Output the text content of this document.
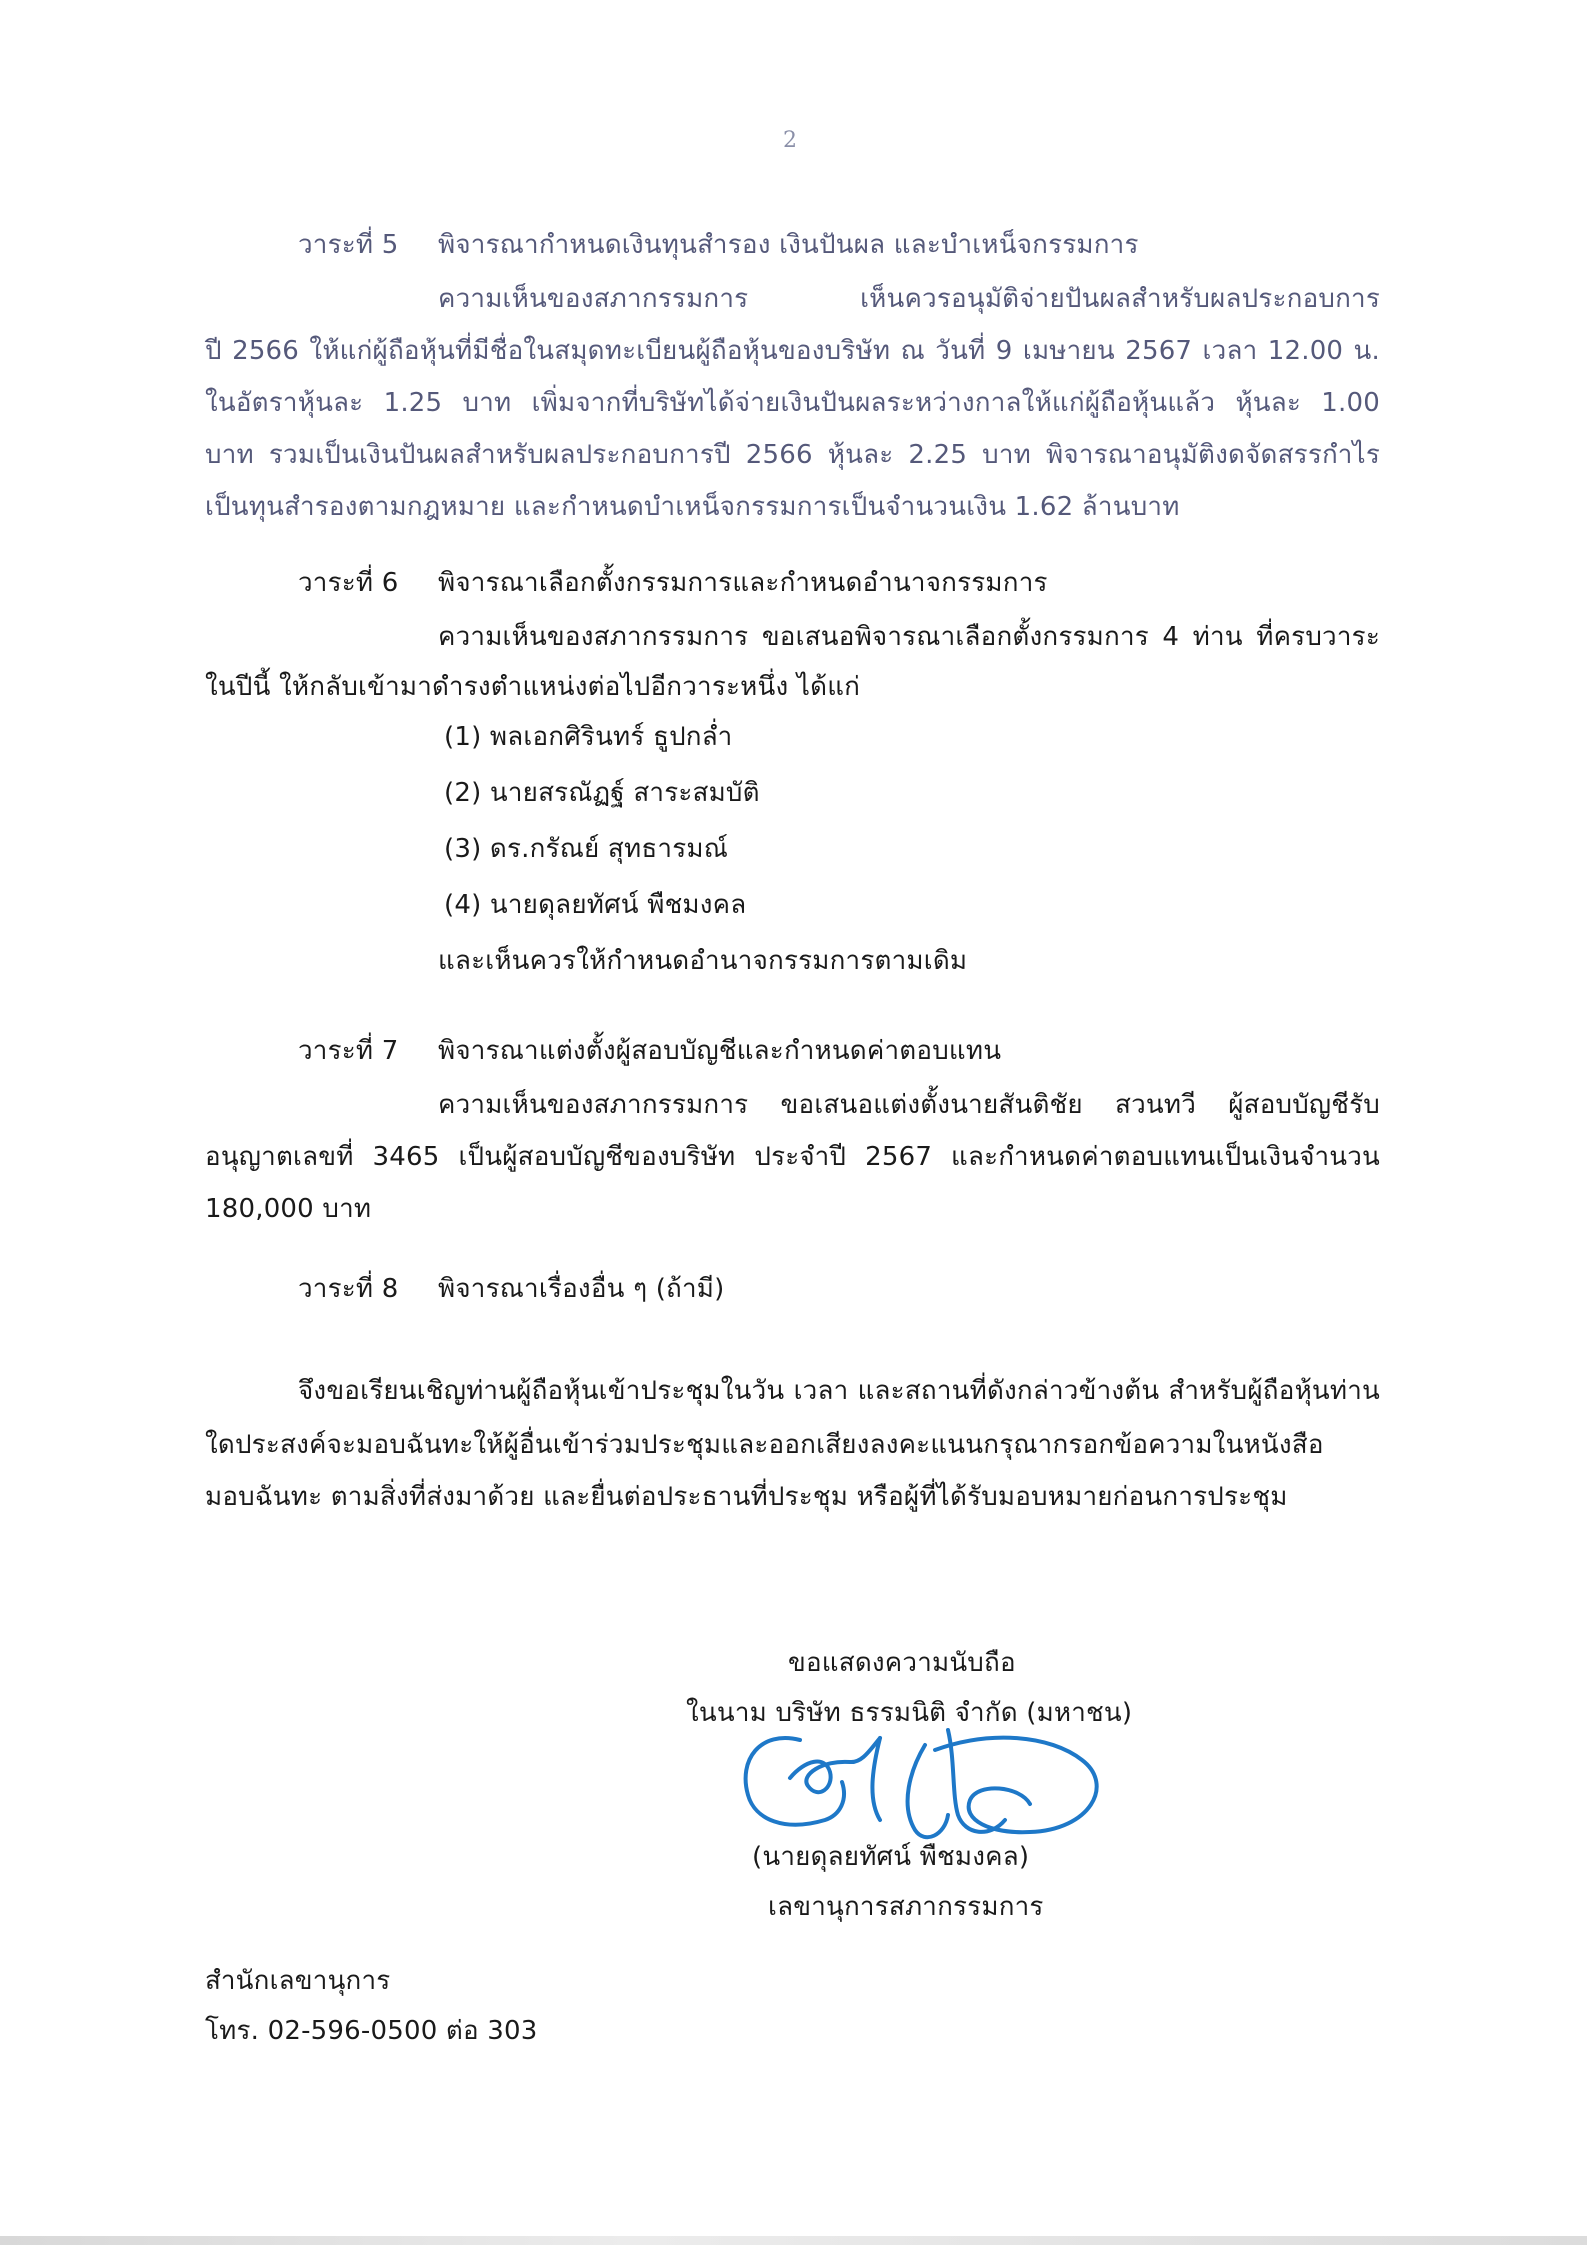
2
วาระที่ 5 พิจารณากำหนดเงินทุนสำรอง เงินปันผล และบำเหน็จกรรมการ
ความเห็นของสภากรรมการ เห็นควรอนุมัติจ่ายปันผลสำหรับผลประกอบการ
ปี 2566 ให้แก่ผู้ถือหุ้นที่มีชื่อในสมุดทะเบียนผู้ถือหุ้นของบริษัท ณ วันที่ 9 เมษายน 2567 เวลา 12.00 น.
ในอัตราหุ้นละ 1.25 บาท เพิ่มจากที่บริษัทได้จ่ายเงินปันผลระหว่างกาลให้แก่ผู้ถือหุ้นแล้ว หุ้นละ 1.00
บาท รวมเป็นเงินปันผลสำหรับผลประกอบการปี 2566 หุ้นละ 2.25 บาท พิจารณาอนุมัติงดจัดสรรกำไร
เป็นทุนสำรองตามกฎหมาย และกำหนดบำเหน็จกรรมการเป็นจำนวนเงิน 1.62 ล้านบาท
วาระที่ 6 พิจารณาเลือกตั้งกรรมการและกำหนดอำนาจกรรมการ
ความเห็นของสภากรรมการ ขอเสนอพิจารณาเลือกตั้งกรรมการ 4 ท่าน ที่ครบวาระ
ในปีนี้ ให้กลับเข้ามาดำรงตำแหน่งต่อไปอีกวาระหนึ่ง ได้แก่
(1) พลเอกศิรินทร์ ธูปกล่ำ
(2) นายสรณัฏฐ์ สาระสมบัติ
(3) ดร.กรัณย์ สุทธารมณ์
(4) นายดุลยทัศน์ พืชมงคล
และเห็นควรให้กำหนดอำนาจกรรมการตามเดิม
วาระที่ 7 พิจารณาแต่งตั้งผู้สอบบัญชีและกำหนดค่าตอบแทน
ความเห็นของสภากรรมการ ขอเสนอแต่งตั้งนายสันติชัย สวนทวี ผู้สอบบัญชีรับ
อนุญาตเลขที่ 3465 เป็นผู้สอบบัญชีของบริษัท ประจำปี 2567 และกำหนดค่าตอบแทนเป็นเงินจำนวน
180,000 บาท
วาระที่ 8 พิจารณาเรื่องอื่น ๆ (ถ้ามี)
จึงขอเรียนเชิญท่านผู้ถือหุ้นเข้าประชุมในวัน เวลา และสถานที่ดังกล่าวข้างต้น สำหรับผู้ถือหุ้นท่าน
ใดประสงค์จะมอบฉันทะให้ผู้อื่นเข้าร่วมประชุมและออกเสียงลงคะแนนกรุณากรอกข้อความในหนังสือ
มอบฉันทะ ตามสิ่งที่ส่งมาด้วย และยื่นต่อประธานที่ประชุม หรือผู้ที่ได้รับมอบหมายก่อนการประชุม
ขอแสดงความนับถือ
ในนาม บริษัท ธรรมนิติ จำกัด (มหาชน)
(นายดุลยทัศน์ พืชมงคล)
เลขานุการสภากรรมการ
สำนักเลขานุการ
โทร. 02-596-0500 ต่อ 303
